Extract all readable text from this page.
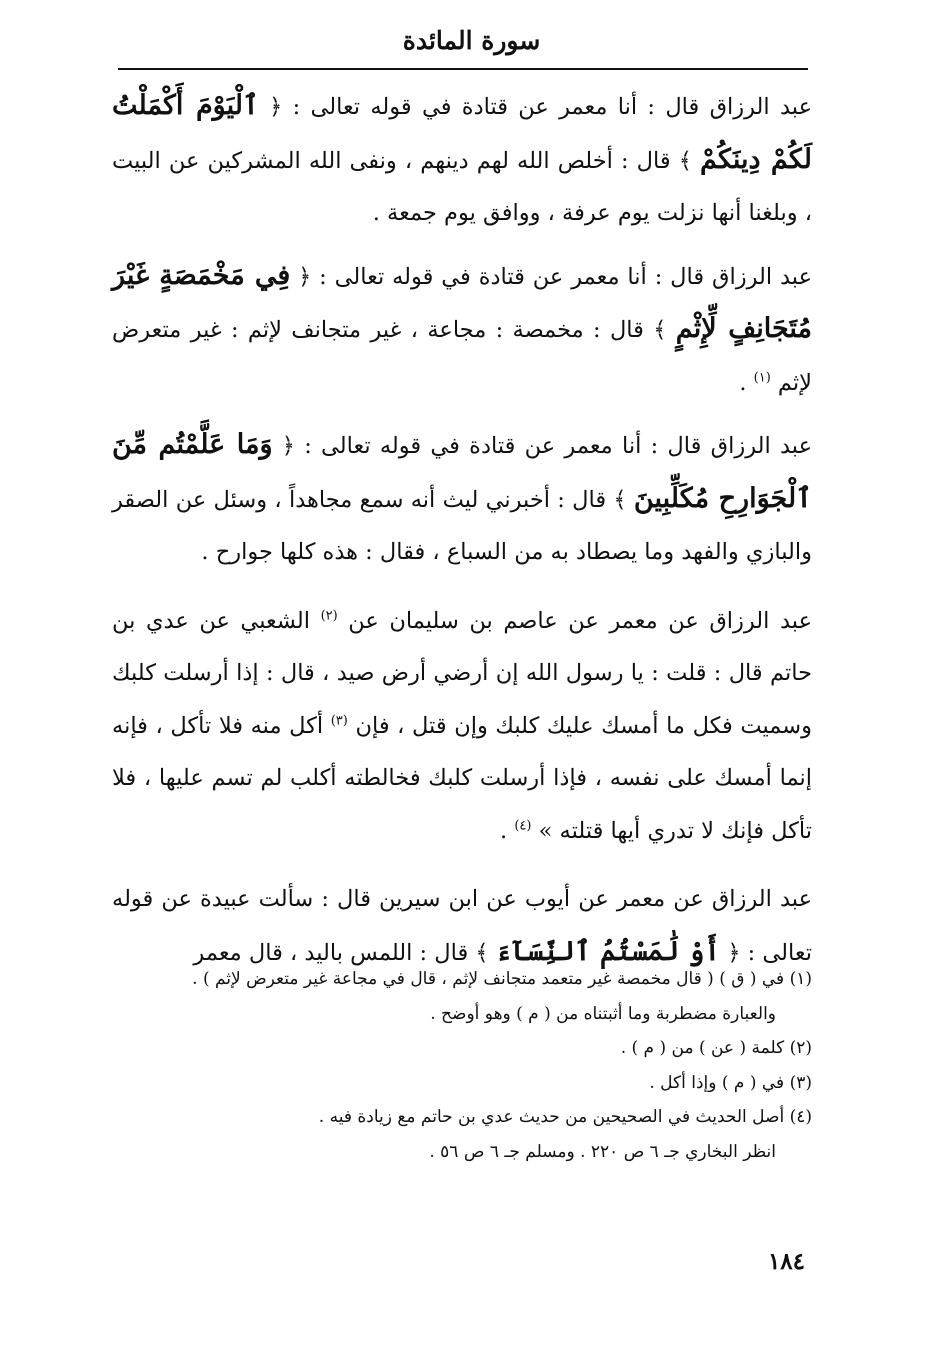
سورة المائدة

عبد الرزاق قال : أنا معمر عن قتادة في قوله تعالى : ﴿ ٱلْيَوْمَ أَكْمَلْتُ لَكُمْ دِينَكُمْ ﴾ قال : أخلص الله لهم دينهم ، ونفى الله المشركين عن البيت ، وبلغنا أنها نزلت يوم عرفة ، ووافق يوم جمعة .

عبد الرزاق قال : أنا معمر عن قتادة في قوله تعالى : ﴿ فِي مَخْمَصَةٍ غَيْرَ مُتَجَانِفٍ لِّإِثْمٍ ﴾ قال : مخمصة : مجاعة ، غير متجانف لإثم : غير متعرض لإثم $^{(١)}$ .

عبد الرزاق قال : أنا معمر عن قتادة في قوله تعالى : ﴿ وَمَا عَلَّمْتُم مِّنَ ٱلْجَوَارِحِ مُكَلِّبِينَ ﴾ قال : أخبرني ليث أنه سمع مجاهداً ، وسئل عن الصقر والبازي والفهد وما يصطاد به من السباع ، فقال : هذه كلها جوارح .

عبد الرزاق عن معمر عن عاصم بن سليمان عن $^{(٢)}$ الشعبي عن عدي بن حاتم قال : قلت : يا رسول الله إن أرضي أرض صيد ، قال : إذا أرسلت كلبك وسميت فكل ما أمسك عليك كلبك وإن قتل ، فإن $^{(٣)}$ أكل منه فلا تأكل ، فإنه إنما أمسك على نفسه ، فإذا أرسلت كلبك فخالطته أكلب لم تسم عليها ، فلا تأكل فإنك لا تدري أيها قتلته » $^{(٤)}$ .

عبد الرزاق عن معمر عن أيوب عن ابن سيرين قال : سألت عبيدة عن قوله تعالى : ﴿ أَوْ لَٰمَسْتُمُ ٱلنِّسَآءَ ﴾ قال : اللمس باليد ، قال معمر

(١) في ( ق ) ( قال مخمصة غير متعمد متجانف لإثم ، قال في مجاعة غير متعرض لإثم ) .

والعبارة مضطربة وما أثبتناه من ( م ) وهو أوضح .

(٢) كلمة ( عن ) من ( م ) .

(٣) في ( م ) وإذا أكل .

(٤) أصل الحديث في الصحيحين من حديث عدي بن حاتم مع زيادة فيه .

انظر البخاري جـ ٦ ص ٢٢٠ . ومسلم جـ ٦ ص ٥٦ .

١٨٤
